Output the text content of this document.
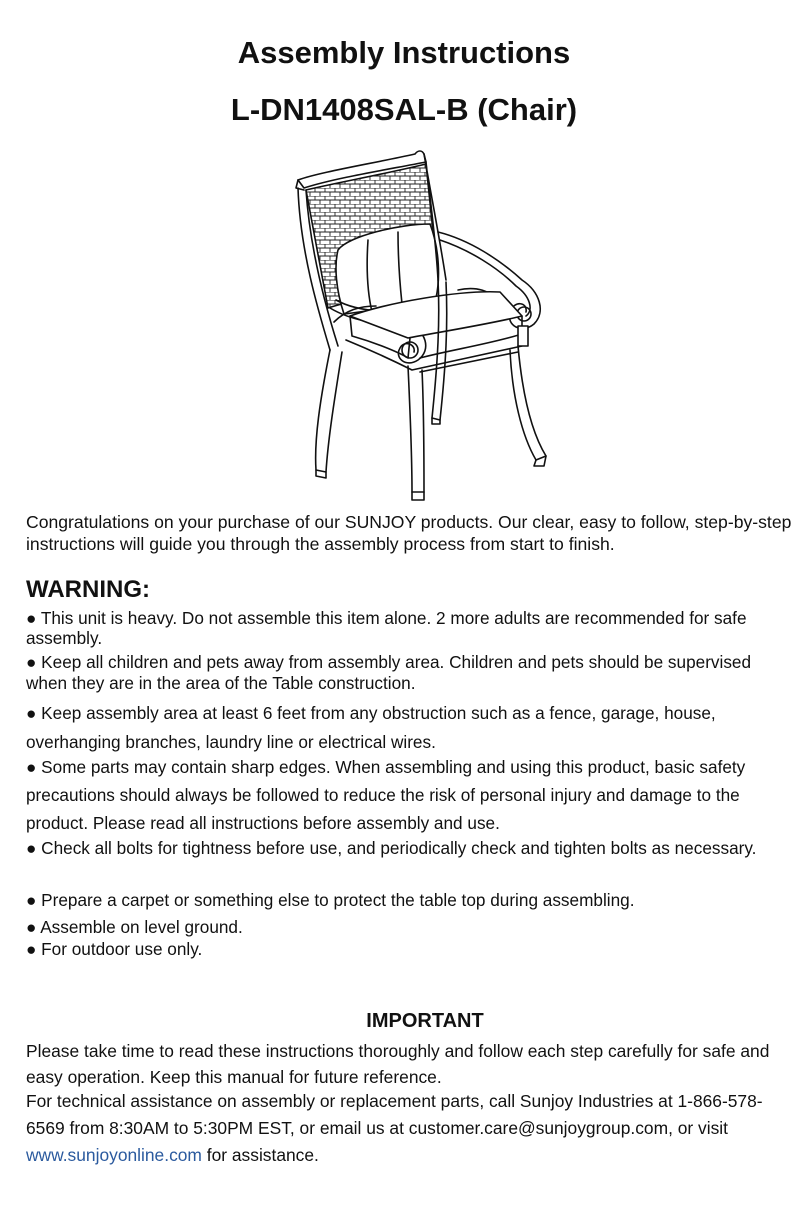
Assembly Instructions
L-DN1408SAL-B (Chair)

Congratulations on your purchase of our SUNJOY products. Our clear, easy to follow, step-by-step instructions will guide you through the assembly process from start to finish.

WARNING:

● This unit is heavy. Do not assemble this item alone. 2 more adults are recommended for safe assembly.

● Keep all children and pets away from assembly area. Children and pets should be supervised when they are in the area of the Table construction.

● Keep assembly area at least 6 feet from any obstruction such as a fence, garage, house, overhanging branches, laundry line or electrical wires.

● Some parts may contain sharp edges. When assembling and using this product, basic safety precautions should always be followed to reduce the risk of personal injury and damage to the product. Please read all instructions before assembly and use.

● Check all bolts for tightness before use, and periodically check and tighten bolts as necessary.

● Prepare a carpet or something else to protect the table top during assembling.

● Assemble on level ground.

● For outdoor use only.

IMPORTANT

Please take time to read these instructions thoroughly and follow each step carefully for safe and easy operation. Keep this manual for future reference.

For technical assistance on assembly or replacement parts, call Sunjoy Industries at 1-866-578-6569 from 8:30AM to 5:30PM EST, or email us at customer.care@sunjoygroup.com, or visit www.sunjoyonline.com for assistance.
